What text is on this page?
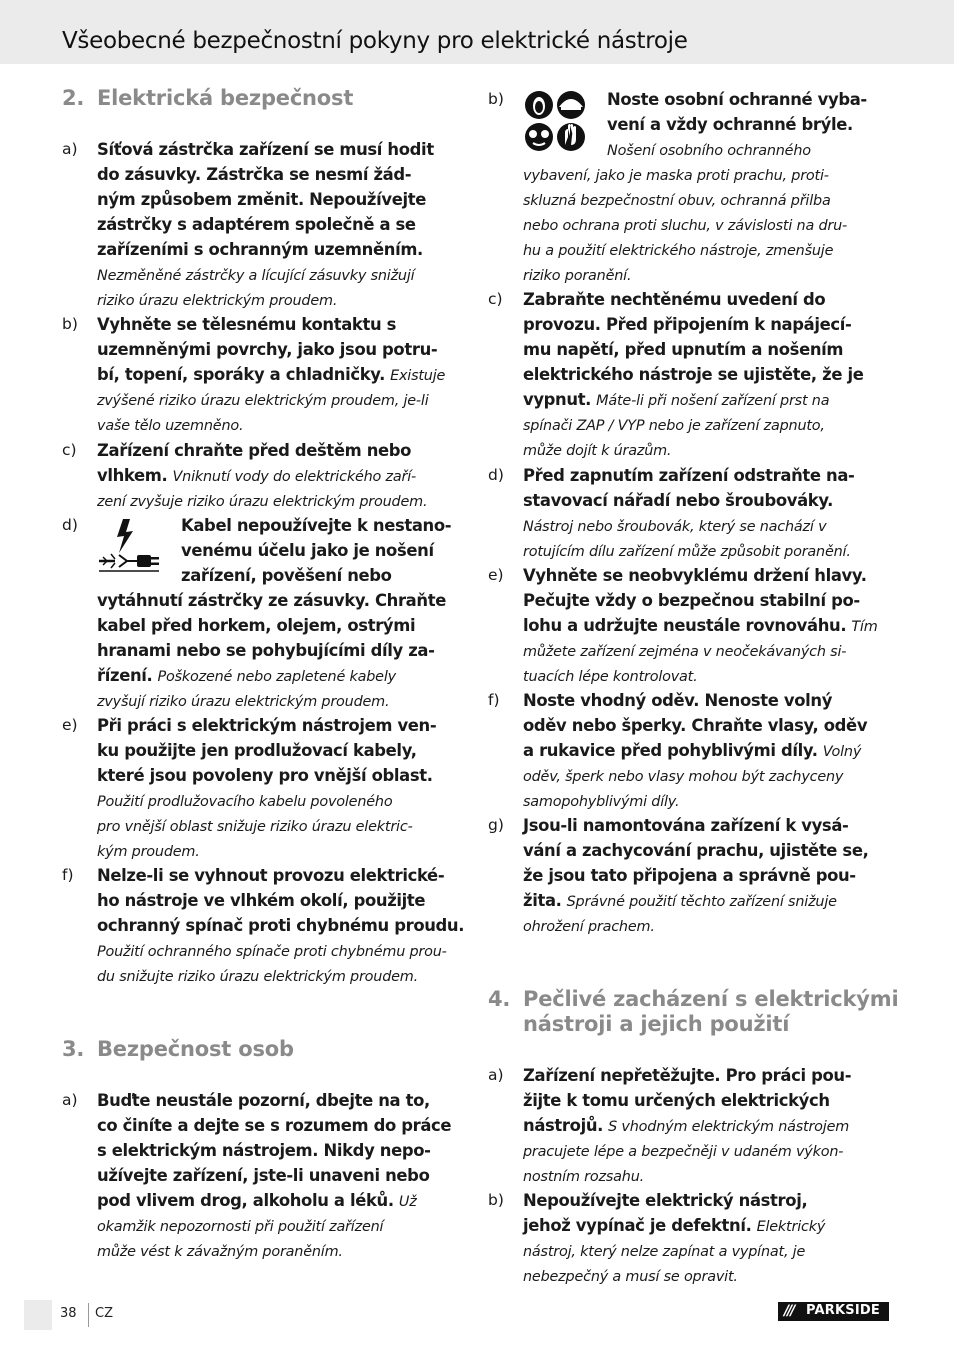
Všeobecné bezpečnostní pokyny pro elektrické nástroje
2. Elektrická bezpečnost
a) Síťová zástrčka zařízení se musí hodit
do zásuvky. Zástrčka se nesmí žád-
ným způsobem změnit. Nepoužívejte
zástrčky s adaptérem společně a se
zařízeními s ochranným uzemněním.
Nezměněné zástrčky a lícující zásuvky snižují
riziko úrazu elektrickým proudem.
b) Vyhněte se tělesnému kontaktu s
uzemněnými povrchy, jako jsou potru-
bí, topení, sporáky a chladničky. Existuje
zvýšené riziko úrazu elektrickým proudem, je-li
vaše tělo uzemněno.
c) Zařízení chraňte před deštěm nebo
vlhkem. Vniknutí vody do elektrického zaří-
zení zvyšuje riziko úrazu elektrickým proudem.
d)	Kabel nepoužívejte k nestano-
venému účelu jako je nošení
zařízení, pověšení nebo
vytáhnutí zástrčky ze zásuvky. Chraňte
kabel před horkem, olejem, ostrými
hranami nebo se pohybujícími díly za-
řízení. Poškozené nebo zapletené kabely
zvyšují riziko úrazu elektrickým proudem.
e) Při práci s elektrickým nástrojem ven-
ku použijte jen prodlužovací kabely,
které jsou povoleny pro vnější oblast.
Použití prodlužovacího kabelu povoleného
pro vnější oblast snižuje riziko úrazu elektric-
kým proudem.
f) Nelze-li se vyhnout provozu elektrické-
ho nástroje ve vlhkém okolí, použijte
ochranný spínač proti chybnému proudu.
Použití ochranného spínače proti chybnému prou-
du snižujte riziko úrazu elektrickým proudem.
3. Bezpečnost osob
a) Buďte neustále pozorní, dbejte na to,
co činíte a dejte se s rozumem do práce
s elektrickým nástrojem. Nikdy nepo-
užívejte zařízení, jste-li unaveni nebo
pod vlivem drog, alkoholu a léků. Už
okamžik nepozornosti při použití zařízení
může vést k závažným poraněním.
b)	Noste osobní ochranné vyba-
vení a vždy ochranné brýle.
Nošení osobního ochranného
vybavení, jako je maska proti prachu, proti-
skluzná bezpečnostní obuv, ochranná přilba
nebo ochrana proti sluchu, v závislosti na dru-
hu a použití elektrického nástroje, zmenšuje
riziko poranění.
c) Zabraňte nechtěnému uvedení do
provozu. Před připojením k napájecí-
mu napětí, před upnutím a nošením
elektrického nástroje se ujistěte, že je
vypnut. Máte-li při nošení zařízení prst na
spínači ZAP / VYP nebo je zařízení zapnuto,
může dojít k úrazům.
d) Před zapnutím zařízení odstraňte na-
stavovací nářadí nebo šroubováky.
Nástroj nebo šroubovák, který se nachází v
rotujícím dílu zařízení může způsobit poranění.
e) Vyhněte se neobvyklému držení hlavy.
Pečujte vždy o bezpečnou stabilní po-
lohu a udržujte neustále rovnováhu. Tím
můžete zařízení zejména v neočekávaných si-
tuacích lépe kontrolovat.
f) Noste vhodný oděv. Nenoste volný
oděv nebo šperky. Chraňte vlasy, oděv
a rukavice před pohyblivými díly. Volný
oděv, šperk nebo vlasy mohou být zachyceny
samopohyblivými díly.
g) Jsou-li namontována zařízení k vysá-
vání a zachycování prachu, ujistěte se,
že jsou tato připojena a správně pou-
žita. Správné použití těchto zařízení snižuje
ohrožení prachem.
4. Pečlivé zacházení s elektrickými
nástroji a jejich použití
a) Zařízení nepřetěžujte. Pro práci pou-
žijte k tomu určených elektrických
nástrojů. S vhodným elektrickým nástrojem
pracujete lépe a bezpečněji v udaném výkon-
nostním rozsahu.
b) Nepoužívejte elektrický nástroj,
jehož vypínač je defektní. Elektrický
nástroj, který nelze zapínat a vypínat, je
nebezpečný a musí se opravit.
38 CZ	/// PARKSIDE
